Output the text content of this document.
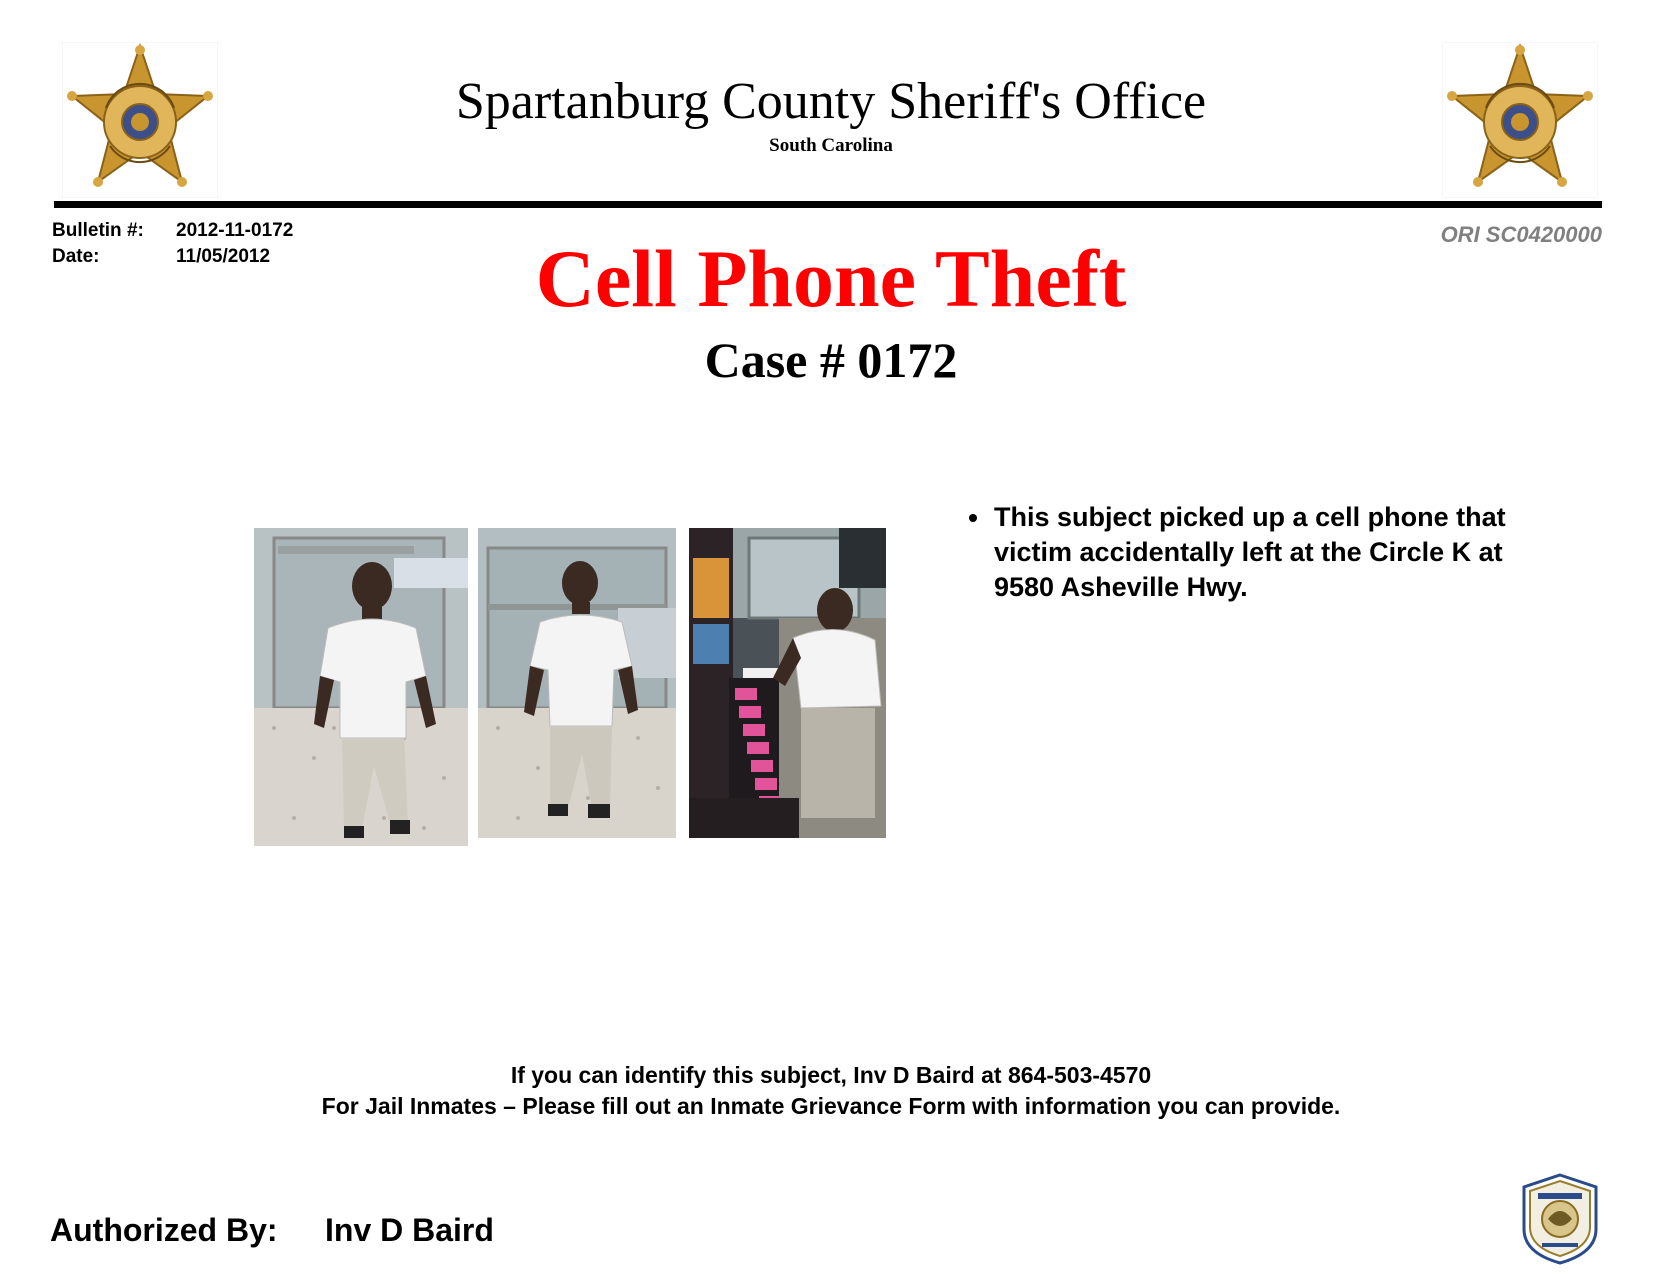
Spartanburg County Sheriff's Office
South Carolina
Bulletin #:	2012-11-0172
Date:	11/05/2012
ORI SC0420000
Cell Phone Theft
Case # 0172
• This subject picked up a cell phone that victim accidentally left at the Circle K at 9580 Asheville Hwy.
If you can identify this subject, Inv D Baird at 864-503-4570
For Jail Inmates – Please fill out an Inmate Grievance Form with information you can provide.
Authorized By:	Inv D Baird
